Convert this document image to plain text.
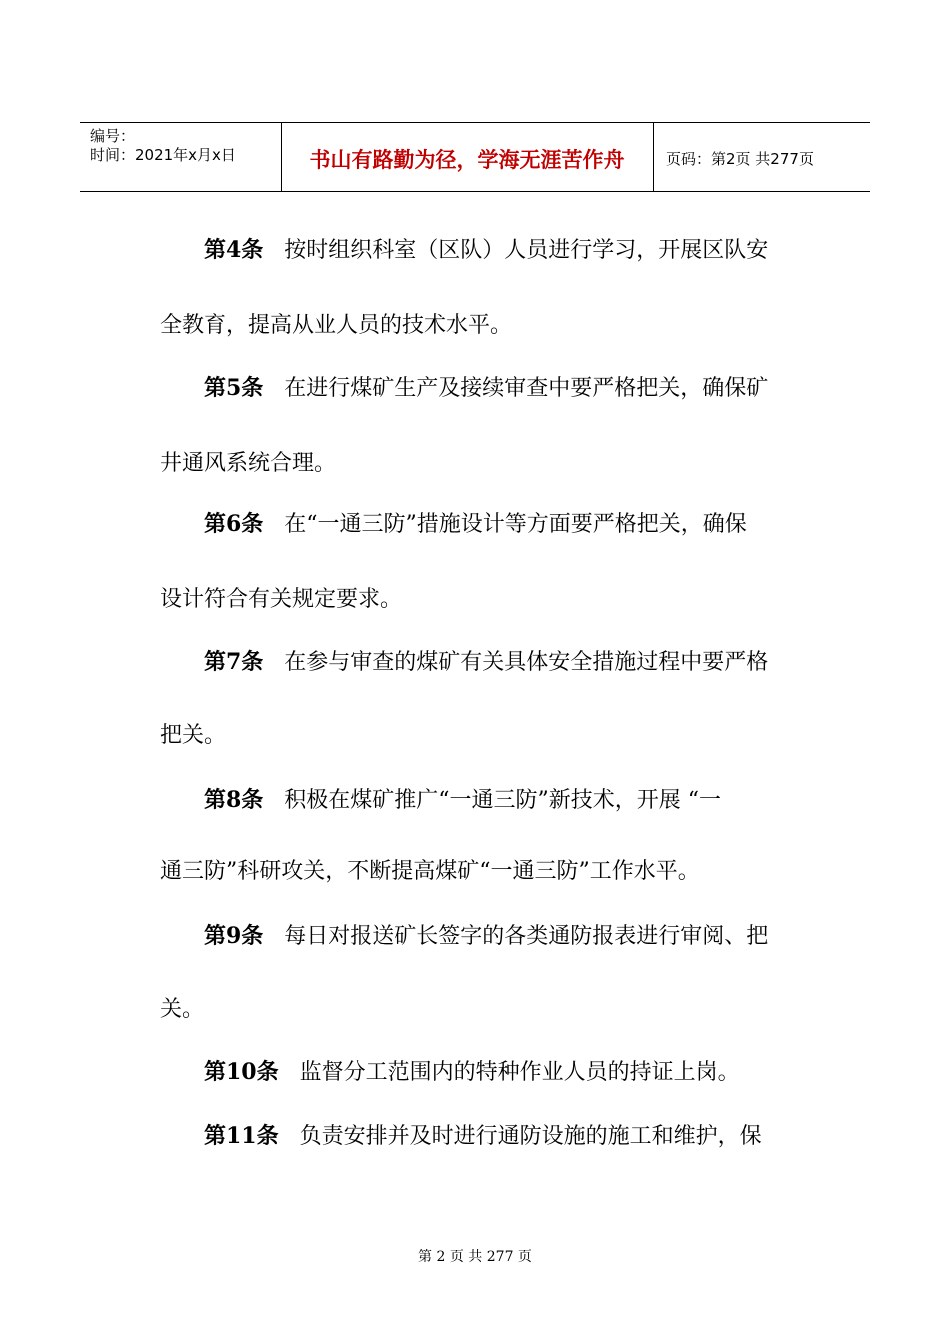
编号：
时间：2021年x月x日	书山有路勤为径，学海无涯苦作舟	页码：第2页 共277页
第4条 按时组织科室（区队）人员进行学习，开展区队安
全教育，提高从业人员的技术水平。
第5条 在进行煤矿生产及接续审查中要严格把关，确保矿
井通风系统合理。
第6条 在“一通三防”措施设计等方面要严格把关，确保
设计符合有关规定要求。
第7条 在参与审查的煤矿有关具体安全措施过程中要严格
把关。
第8条 积极在煤矿推广“一通三防”新技术，开展 “一
通三防”科研攻关，不断提高煤矿“一通三防”工作水平。
第9条 每日对报送矿长签字的各类通防报表进行审阅、把
关。
第10条 监督分工范围内的特种作业人员的持证上岗。
第11条 负责安排并及时进行通防设施的施工和维护，保
第 2 页 共 277 页
